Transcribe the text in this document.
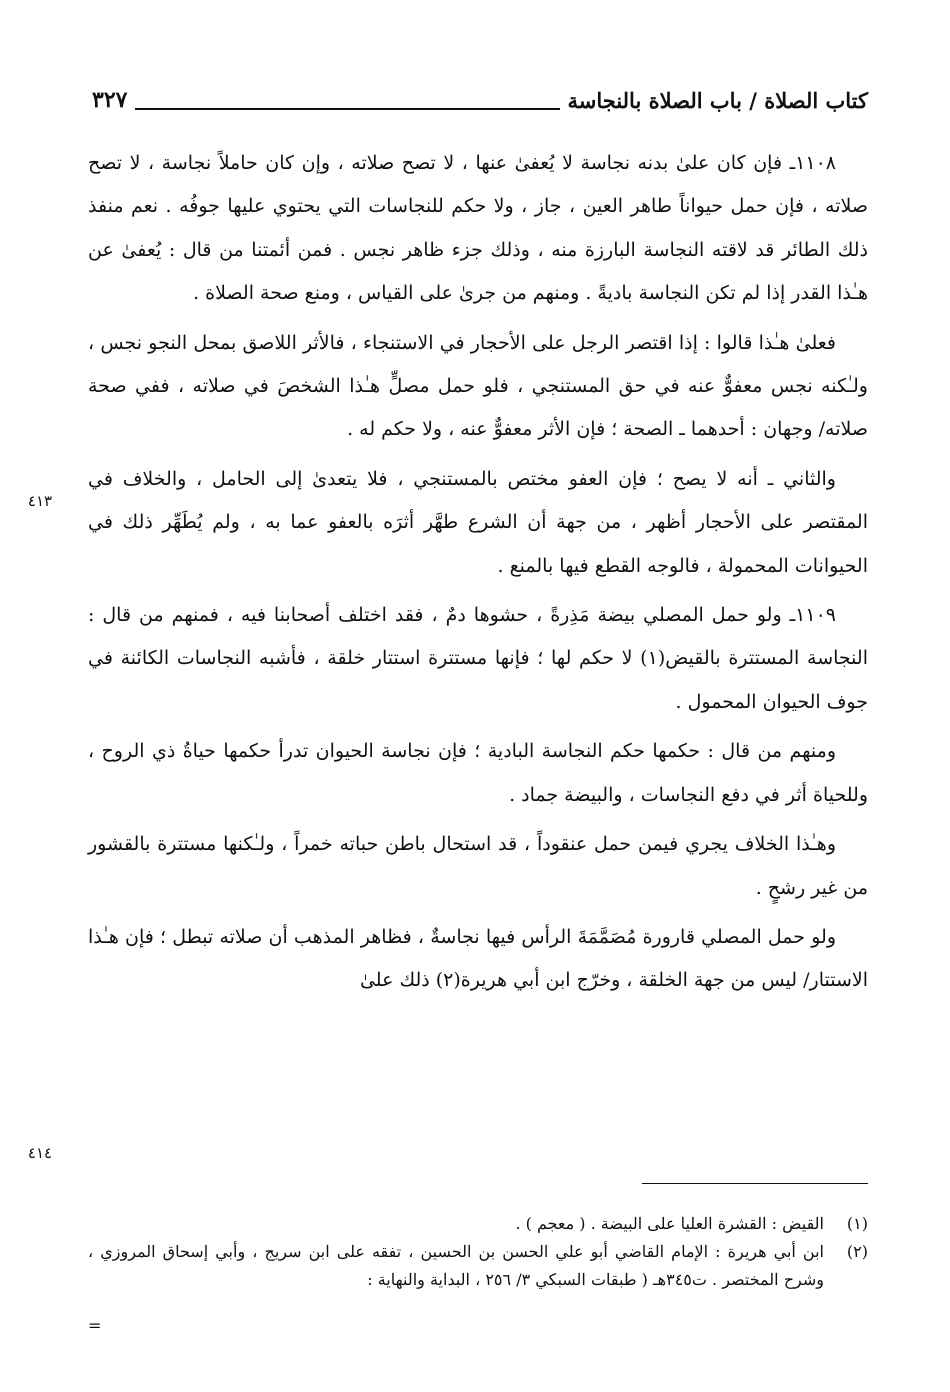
كتاب الصلاة / باب الصلاة بالنجاسة
٣٢٧

١١٠٨ـ فإن كان علىٰ بدنه نجاسة لا يُعفىٰ عنها ، لا تصح صلاته ، وإن كان حاملاً نجاسة ، لا تصح صلاته ، فإن حمل حيواناً طاهر العين ، جاز ، ولا حكم للنجاسات التي يحتوي عليها جوفُه . نعم منفذ ذلك الطائر قد لاقته النجاسة البارزة منه ، وذلك جزء ظاهر نجس . فمن أئمتنا من قال : يُعفىٰ عن هـٰذا القدر إذا لم تكن النجاسة باديةً . ومنهم من جرىٰ على القياس ، ومنع صحة الصلاة .

فعلىٰ هـٰذا قالوا : إذا اقتصر الرجل على الأحجار في الاستنجاء ، فالأثر اللاصق بمحل النجو نجس ، ولـٰكنه نجس معفوٌّ عنه في حق المستنجي ، فلو حمل مصلٍّ هـٰذا الشخصَ في صلاته ، ففي صحة صلاته/ وجهان : أحدهما ـ الصحة ؛ فإن الأثر معفوٌّ عنه ، ولا حكم له .

والثاني ـ أنه لا يصح ؛ فإن العفو مختص بالمستنجي ، فلا يتعدىٰ إلى الحامل ، والخلاف في المقتصر على الأحجار أظهر ، من جهة أن الشرع طهَّر أثرَه بالعفو عما به ، ولم يُطَهِّر ذلك في الحيوانات المحمولة ، فالوجه القطع فيها بالمنع .

١١٠٩ـ ولو حمل المصلي بيضة مَذِرةً ، حشوها دمٌ ، فقد اختلف أصحابنا فيه ، فمنهم من قال : النجاسة المستترة بالقيض(١) لا حكم لها ؛ فإنها مستترة استتار خلقة ، فأشبه النجاسات الكائنة في جوف الحيوان المحمول .

ومنهم من قال : حكمها حكم النجاسة البادية ؛ فإن نجاسة الحيوان تدرأ حكمها حياةُ ذي الروح ، وللحياة أثر في دفع النجاسات ، والبيضة جماد .

وهـٰذا الخلاف يجري فيمن حمل عنقوداً ، قد استحال باطن حباته خمراً ، ولـٰكنها مستترة بالقشور من غير رشحٍ .

ولو حمل المصلي قارورة مُصَمَّمَةَ الرأس فيها نجاسةٌ ، فظاهر المذهب أن صلاته تبطل ؛ فإن هـٰذا الاستتار/ ليس من جهة الخلقة ، وخرّج ابن أبي هريرة(٢) ذلك علىٰ

٤١٣
٤١٤

(١)
القيض : القشرة العليا على البيضة . ( معجم ) .

(٢)
ابن أبي هريرة : الإمام القاضي أبو علي الحسن بن الحسين ، تفقه على ابن سريج ، وأبي إسحاق المروزي ، وشرح المختصر . ت٣٤٥هـ ( طبقات السبكي ٣/ ٢٥٦ ، البداية والنهاية :

=
